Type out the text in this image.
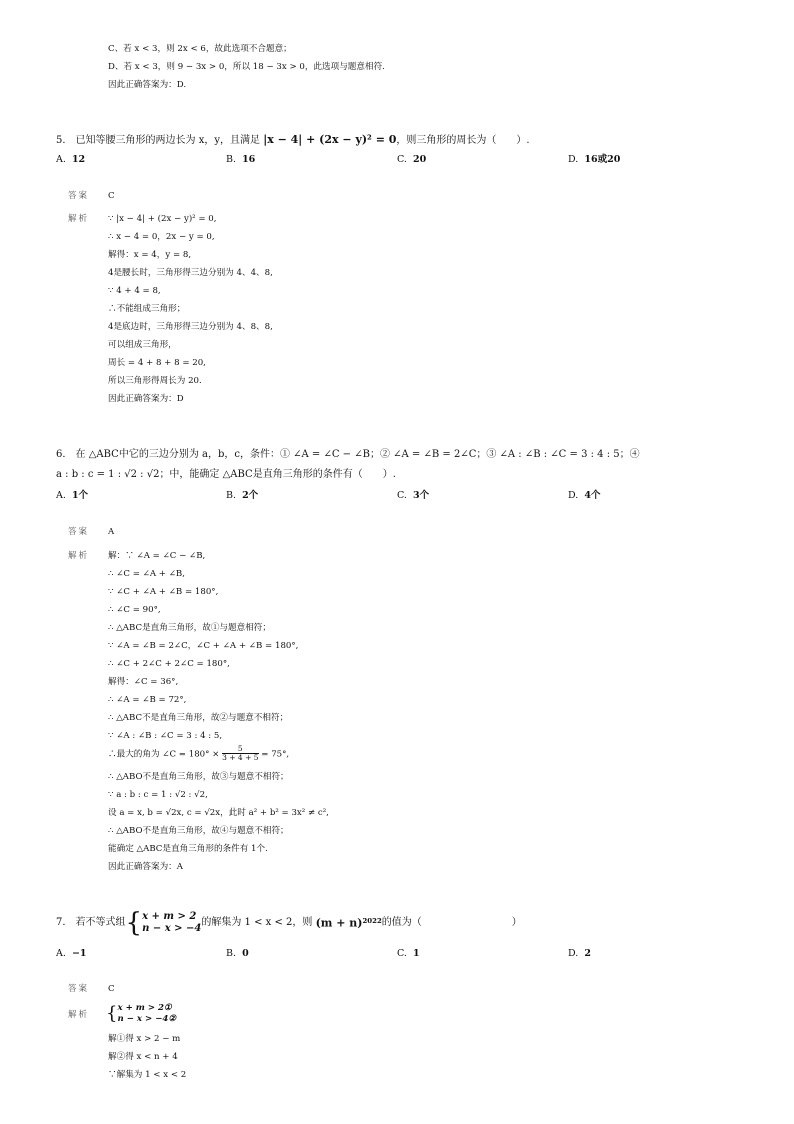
C、若 x < 3，则 2x < 6，故此选项不合题意；
D、若 x < 3，则 9 − 3x > 0，所以 18 − 3x > 0，此选项与题意相符.
因此正确答案为：D.
5． 已知等腰三角形的两边长为 x，y，且满足 |x − 4| + (2x − y)² = 0，则三角形的周长为（　　）.
A. 12	B. 16	C. 20	D. 16或20
答案 C
解析 ∵ |x − 4| + (2x − y)² = 0,
∴ x − 4 = 0，2x − y = 0,
解得：x = 4，y = 8,
4是腰长时，三角形得三边分别为 4、4、8,
∵ 4 + 4 = 8,
∴不能组成三角形；
4是底边时，三角形得三边分别为 4、8、8,
可以组成三角形，
周长 = 4 + 8 + 8 = 20,
所以三角形得周长为 20.
因此正确答案为：D
6． 在 △ABC中它的三边分别为 a，b，c，条件：① ∠A = ∠C − ∠B；② ∠A = ∠B = 2∠C；③ ∠A : ∠B : ∠C = 3 : 4 : 5；④
a : b : c = 1 : √2 : √2；中，能确定 △ABC是直角三角形的条件有（　　）.
A. 1个	B. 2个	C. 3个	D. 4个
答案 A
解析 解：∵ ∠A = ∠C − ∠B,
∴ ∠C = ∠A + ∠B,
∵ ∠C + ∠A + ∠B = 180°,
∴ ∠C = 90°,
∴ △ABC是直角三角形，故①与题意相符；
∵ ∠A = ∠B = 2∠C，∠C + ∠A + ∠B = 180°,
∴ ∠C + 2∠C + 2∠C = 180°,
解得：∠C = 36°,
∴ ∠A = ∠B = 72°,
∴ △ABC不是直角三角形，故②与题意不相符；
∵ ∠A : ∠B : ∠C = 3 : 4 : 5,
∴最大的角为 ∠C = $180^\circ \times \frac{5}{3 + 4 + 5} = 75^\circ$,
∴ △ABO不是直角三角形，故③与题意不相符；
∵ a : b : c = 1 : √2 : √2,
设 a = x, b = √2x, c = √2x，此时 a² + b² = 3x² ≠ c²,
∴ △ABO不是直角三角形，故④与题意不相符；
能确定 △ABC是直角三角形的条件有 1个.
因此正确答案为：A
7． 若不等式组{ x + m > 2
n − x > −4
的解集为 1 < x < 2，则 (m + n)²⁰²²的值为（　　　　　　　　　）
A. −1	B. 0	C. 1	D. 2
答案 C
解析 { x + m > 2①
n − x > −4②
解①得 x > 2 − m
解②得 x < n + 4
∵解集为 1 < x < 2
